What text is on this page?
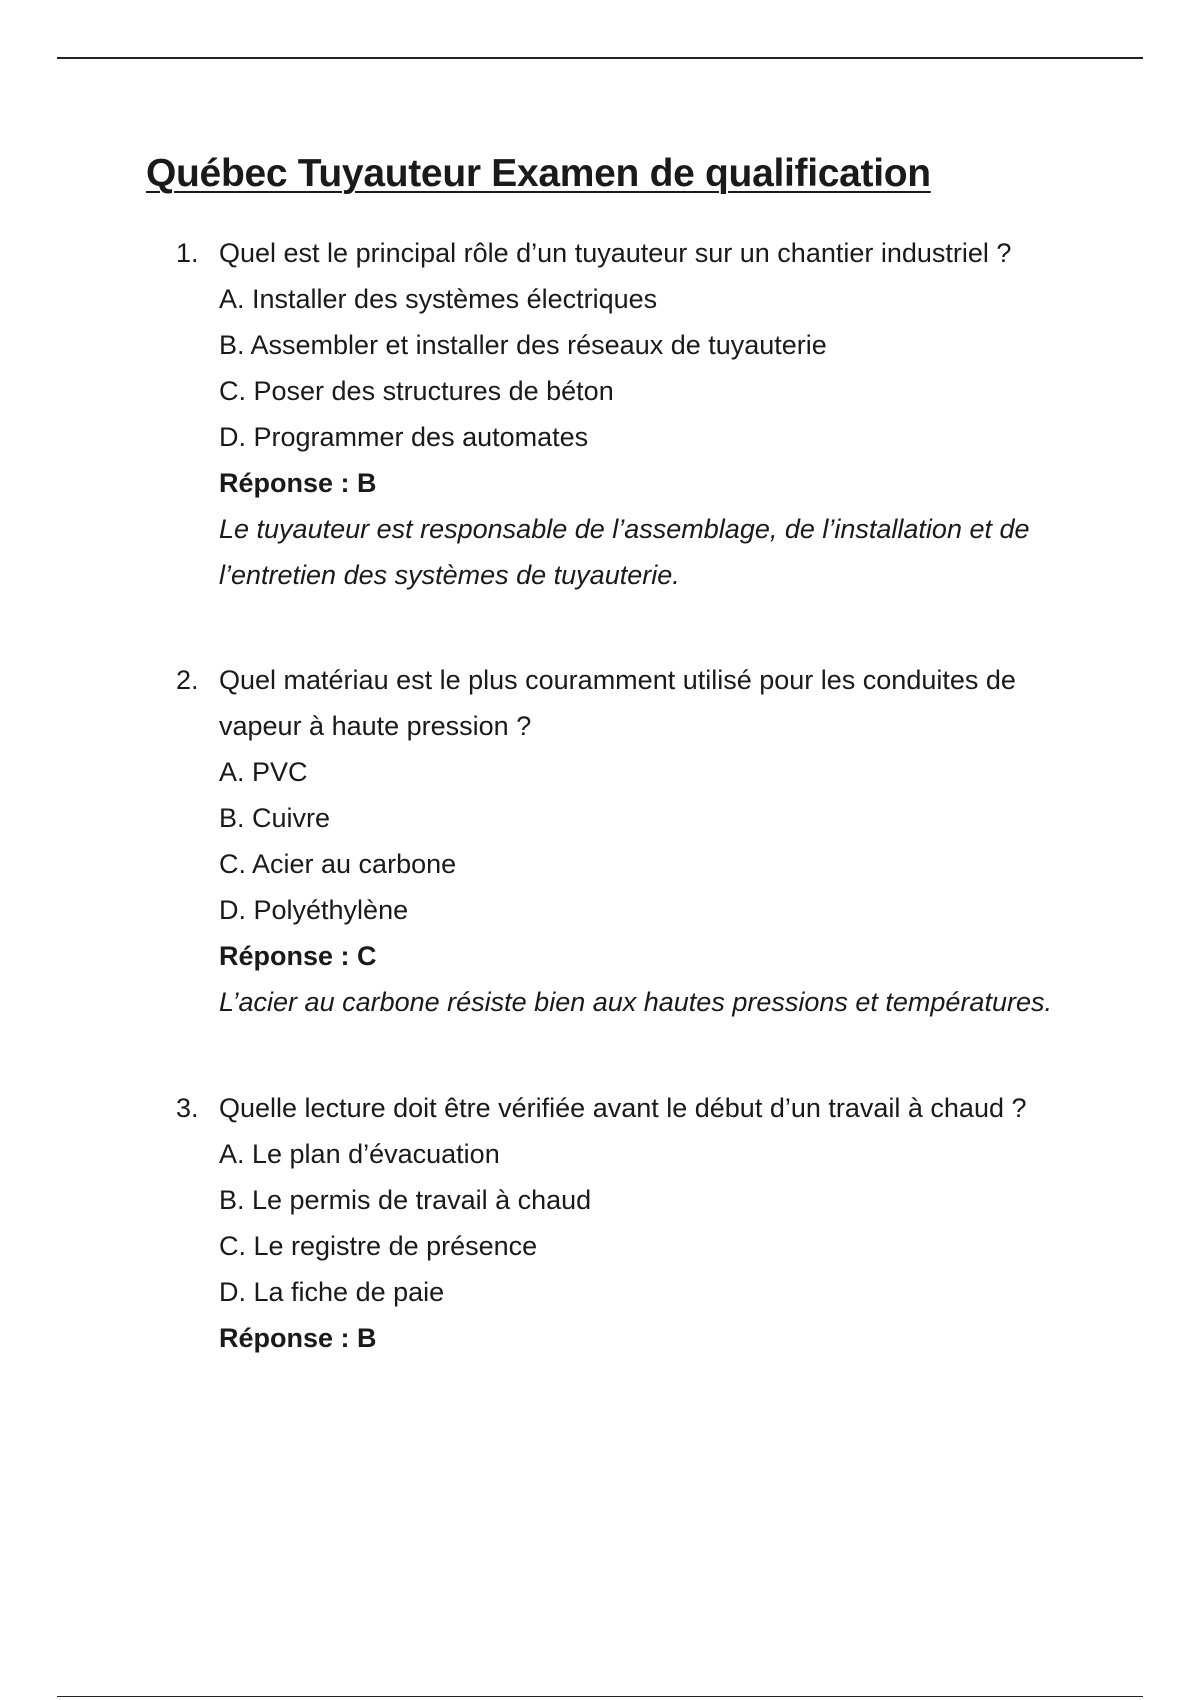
Québec Tuyauteur Examen de qualification
1. Quel est le principal rôle d’un tuyauteur sur un chantier industriel ?

A. Installer des systèmes électriques
B. Assembler et installer des réseaux de tuyauterie
C. Poser des structures de béton
D. Programmer des automates
Réponse : B

Le tuyauteur est responsable de l’assemblage, de l’installation et de l’entretien des systèmes de tuyauterie.

2. Quel matériau est le plus couramment utilisé pour les conduites de vapeur à haute pression ?

A. PVC
B. Cuivre
C. Acier au carbone
D. Polyéthylène
Réponse : C

L’acier au carbone résiste bien aux hautes pressions et températures.

3. Quelle lecture doit être vérifiée avant le début d’un travail à chaud ?

A. Le plan d’évacuation
B. Le permis de travail à chaud
C. Le registre de présence
D. La fiche de paie
Réponse : B
